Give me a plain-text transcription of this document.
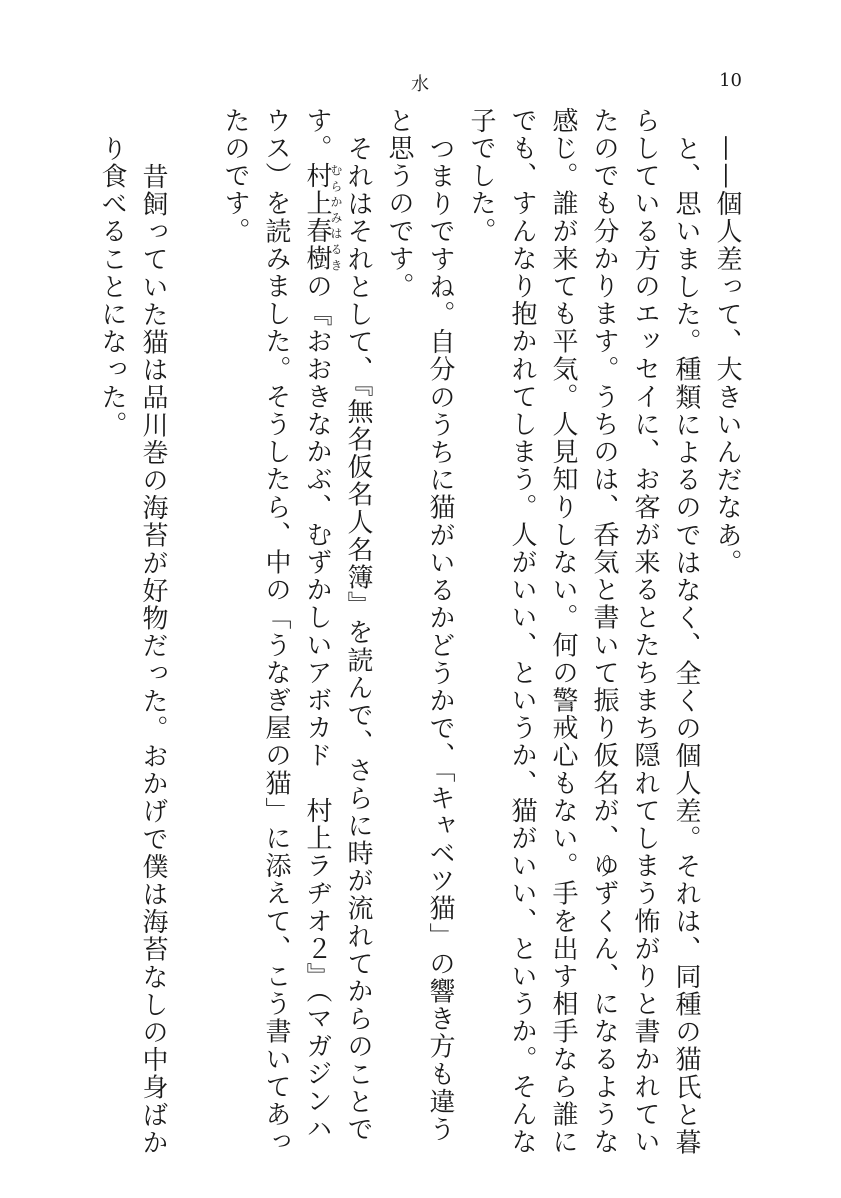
水	10

——個人差って、大きいんだなあ。

と、思いました。種類によるのではなく、全くの個人差。それは、同種の猫氏と暮らしている方のエッセイに、お客が来るとたちまち隠れてしまう怖がりと書かれていたのでも分かります。うちのは、呑気と書いて振り仮名が、ゆずくん、になるような感じ。誰が来ても平気。人見知りしない。何の警戒心もない。手を出す相手なら誰にでも、すんなり抱かれてしまう。人がいい、というか、猫がいい、というか。そんな子でした。

つまりですね。自分のうちに猫がいるかどうかで、「キャベツ猫」の響き方も違うと思うのです。

それはそれとして、『無名仮名人名簿』を読んで、さらに時が流れてからのことです。村上春樹むらかみはるきの『おおきなかぶ、むずかしいアボカド　村上ラヂオ２』（マガジンハウス）を読みました。そうしたら、中の「うなぎ屋の猫」に添えて、こう書いてあったのです。

昔飼っていた猫は品川巻の海苔が好物だった。おかげで僕は海苔なしの中身ばかり食べることになった。
